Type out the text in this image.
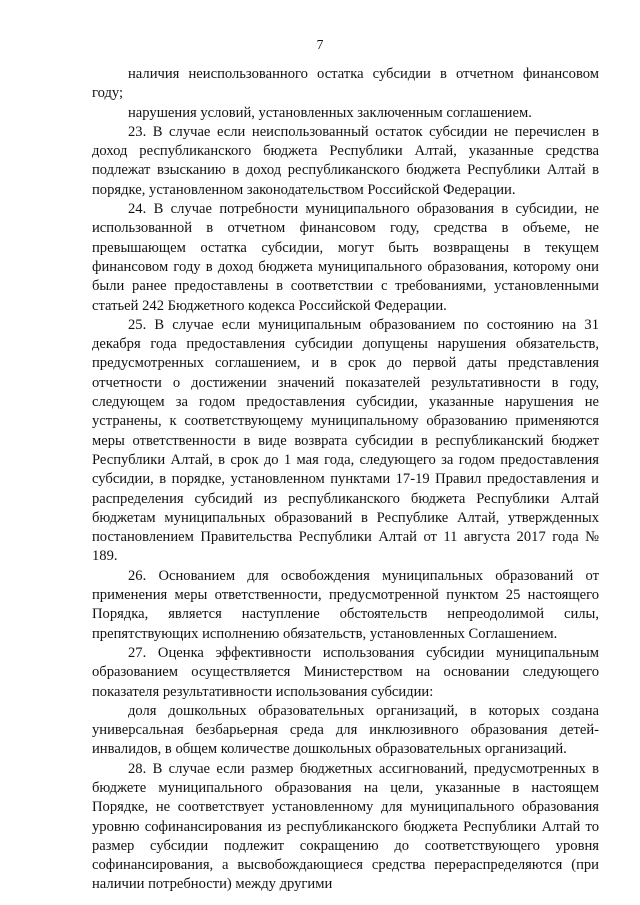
7

наличия неиспользованного остатка субсидии в отчетном финансовом году;

нарушения условий, установленных заключенным соглашением.

23. В случае если неиспользованный остаток субсидии не перечислен в доход республиканского бюджета Республики Алтай, указанные средства подлежат взысканию в доход республиканского бюджета Республики Алтай в порядке, установленном законодательством Российской Федерации.

24. В случае потребности муниципального образования в субсидии, не использованной в отчетном финансовом году, средства в объеме, не превышающем остатка субсидии, могут быть возвращены в текущем финансовом году в доход бюджета муниципального образования, которому они были ранее предоставлены в соответствии с требованиями, установленными статьей 242 Бюджетного кодекса Российской Федерации.

25. В случае если муниципальным образованием по состоянию на 31 декабря года предоставления субсидии допущены нарушения обязательств, предусмотренных соглашением, и в срок до первой даты представления отчетности о достижении значений показателей результативности в году, следующем за годом предоставления субсидии, указанные нарушения не устранены, к соответствующему муниципальному образованию применяются меры ответственности в виде возврата субсидии в республиканский бюджет Республики Алтай, в срок до 1 мая года, следующего за годом предоставления субсидии, в порядке, установленном пунктами 17-19 Правил предоставления и распределения субсидий из республиканского бюджета Республики Алтай бюджетам муниципальных образований в Республике Алтай, утвержденных постановлением Правительства Республики Алтай от 11 августа 2017 года № 189.

26. Основанием для освобождения муниципальных образований от применения меры ответственности, предусмотренной пунктом 25 настоящего Порядка, является наступление обстоятельств непреодолимой силы, препятствующих исполнению обязательств, установленных Соглашением.

27. Оценка эффективности использования субсидии муниципальным образованием осуществляется Министерством на основании следующего показателя результативности использования субсидии:

доля дошкольных образовательных организаций, в которых создана универсальная безбарьерная среда для инклюзивного образования детей-инвалидов, в общем количестве дошкольных образовательных организаций.

28. В случае если размер бюджетных ассигнований, предусмотренных в бюджете муниципального образования на цели, указанные в настоящем Порядке, не соответствует установленному для муниципального образования уровню софинансирования из республиканского бюджета Республики Алтай то размер субсидии подлежит сокращению до соответствующего уровня софинансирования, а высвобождающиеся средства перераспределяются (при наличии потребности) между другими
